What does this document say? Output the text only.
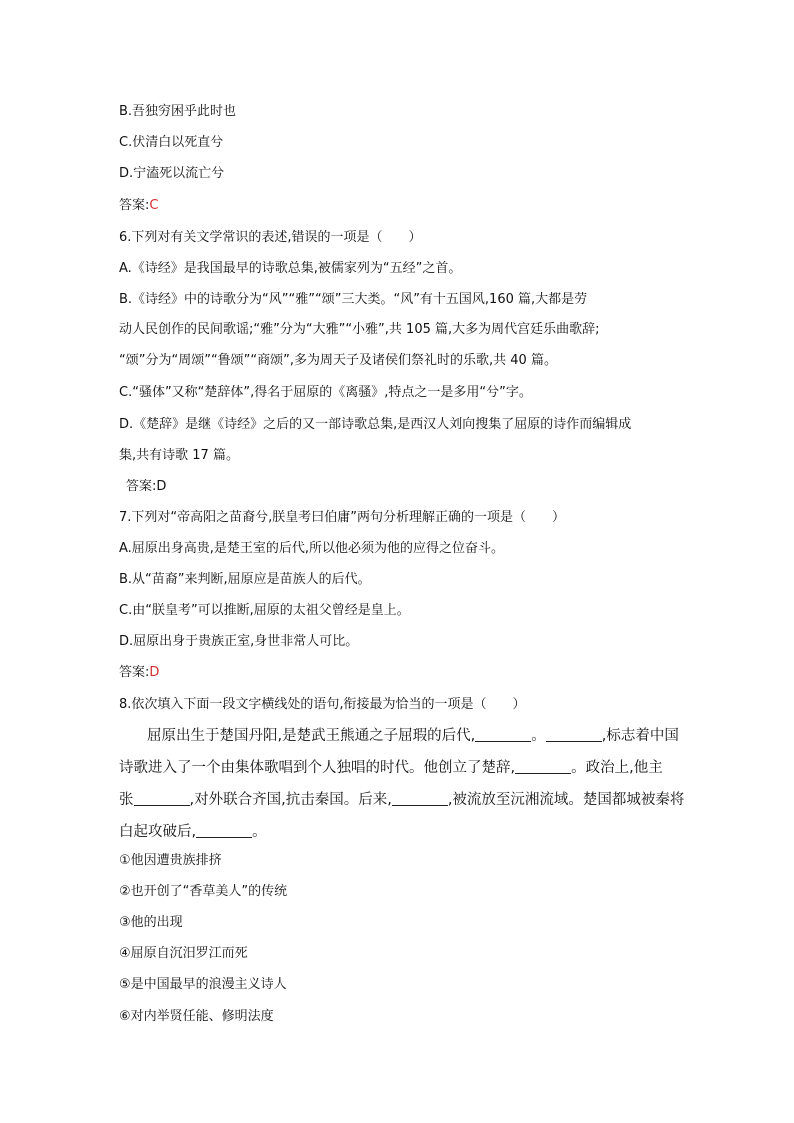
B.吾独穷困乎此时也
C.伏清白以死直兮
D.宁溘死以流亡兮
答案:C
6.下列对有关文学常识的表述,错误的一项是（　　）
A.《诗经》是我国最早的诗歌总集,被儒家列为“五经”之首。
B.《诗经》中的诗歌分为“风”“雅”“颂”三大类。“风”有十五国风,160 篇,大都是劳
动人民创作的民间歌谣;“雅”分为“大雅”“小雅”,共 105 篇,大多为周代宫廷乐曲歌辞;
“颂”分为“周颂”“鲁颂”“商颂”,多为周天子及诸侯们祭礼时的乐歌,共 40 篇。
C.“骚体”又称“楚辞体”,得名于屈原的《离骚》,特点之一是多用“兮”字。
D.《楚辞》是继《诗经》之后的又一部诗歌总集,是西汉人刘向搜集了屈原的诗作而编辑成
集,共有诗歌 17 篇。
答案:D
7.下列对“帝高阳之苗裔兮,朕皇考曰伯庸”两句分析理解正确的一项是（　　）
A.屈原出身高贵,是楚王室的后代,所以他必须为他的应得之位奋斗。
B.从“苗裔”来判断,屈原应是苗族人的后代。
C.由“朕皇考”可以推断,屈原的太祖父曾经是皇上。
D.屈原出身于贵族正室,身世非常人可比。
答案:D
8.依次填入下面一段文字横线处的语句,衔接最为恰当的一项是（　　）
屈原出生于楚国丹阳,是楚武王熊通之子屈瑕的后代,	。	,标志着中国
诗歌进入了一个由集体歌唱到个人独唱的时代。他创立了楚辞,	。政治上,他主
张	,对外联合齐国,抗击秦国。后来,	,被流放至沅湘流域。楚国都城被秦将
白起攻破后,	。
①他因遭贵族排挤
②也开创了“香草美人”的传统
③他的出现
④屈原自沉汨罗江而死
⑤是中国最早的浪漫主义诗人
⑥对内举贤任能、修明法度
